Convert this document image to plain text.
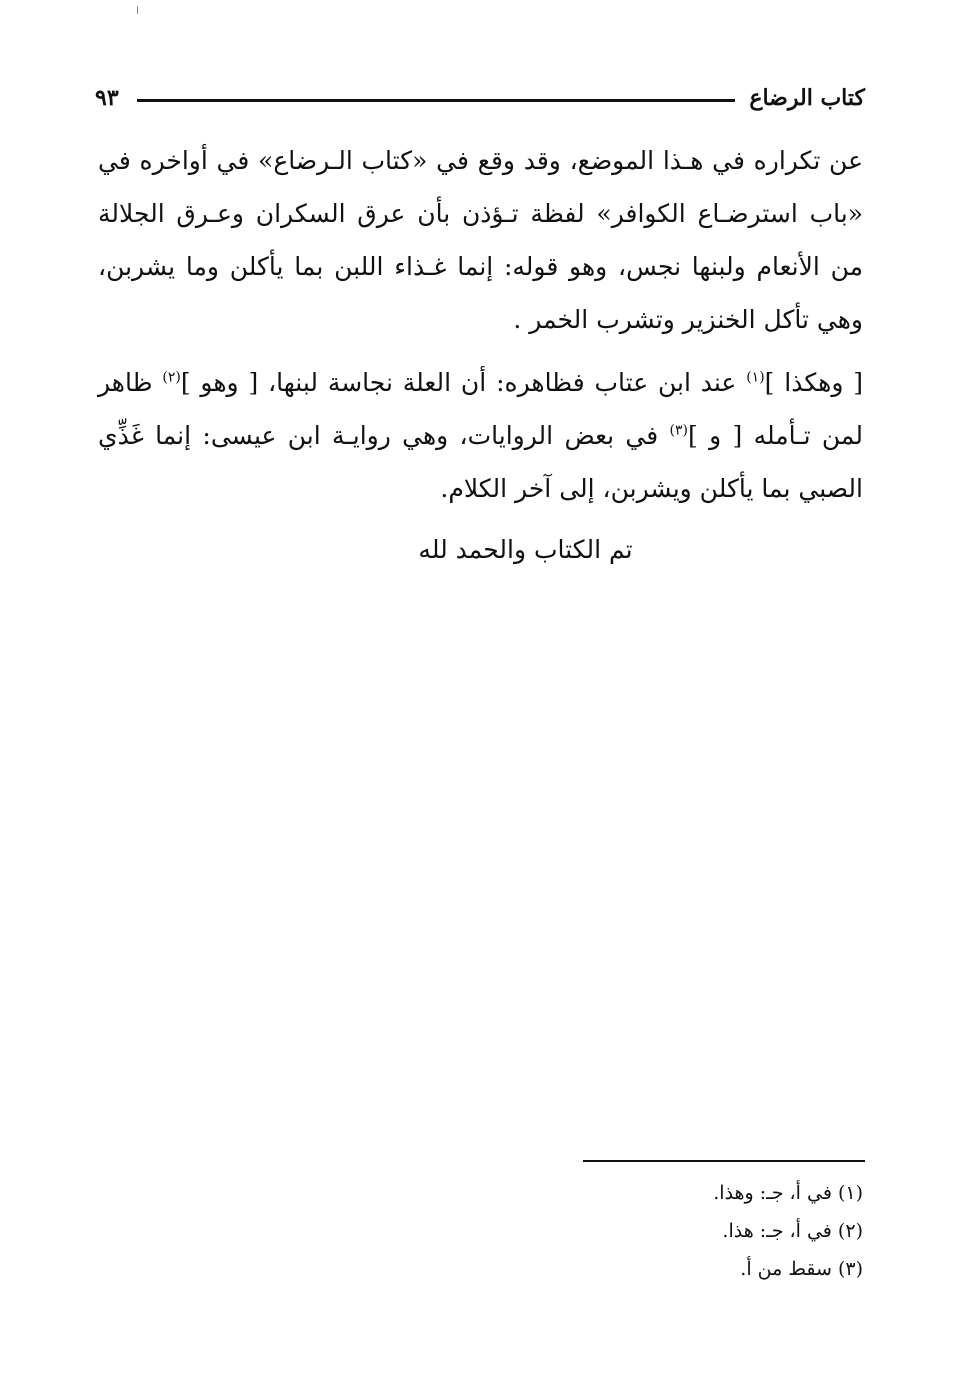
كتاب الرضاع
٩٣

عن تكراره في هـذا الموضع، وقد وقع في «كتاب الـرضاع» في أواخره في «باب استرضـاع الكوافر» لفظة تـؤذن بأن عرق السكران وعـرق الجلالة من الأنعام ولبنها نجس، وهو قوله: إنما غـذاء اللبن بما يأكلن وما يشربن، وهي تأكل الخنزير وتشرب الخمر .

[ وهكذا ]$^{(١)}$ عند ابن عتاب فظاهره: أن العلة نجاسة لبنها، [ وهو ]$^{(٢)}$ ظاهر لمن تـأمله [ و ]$^{(٣)}$ في بعض الروايات، وهي روايـة ابن عيسى: إنما غَذِّي الصبي بما يأكلن ويشربن، إلى آخر الكلام.

تم الكتاب والحمد لله

(١) في أ، جـ: وهذا.
(٢) في أ، جـ: هذا.
(٣) سقط من أ.
